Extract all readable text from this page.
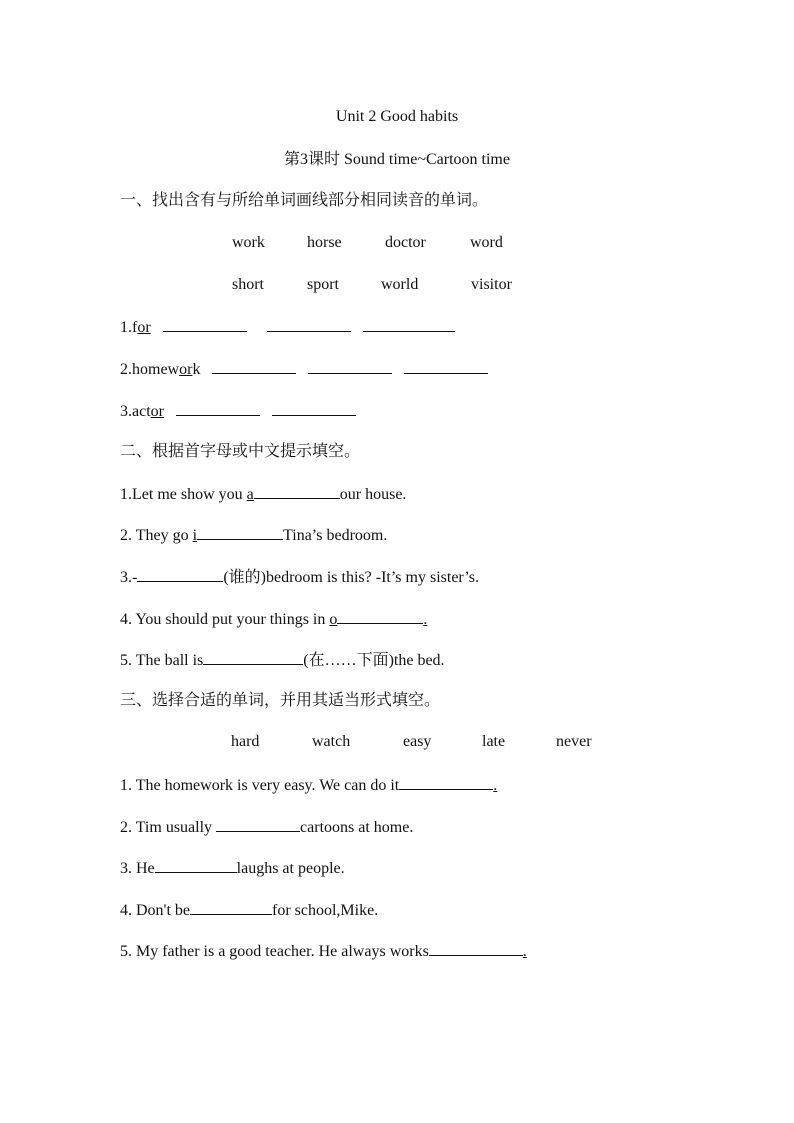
Unit 2 Good habits
第3课时 Sound time~Cartoon time
一、找出含有与所给单词画线部分相同读音的单词。
work	horse	doctor	word
short	sport	world	visitor
1.for
2.homework
3.actor
二、根据首字母或中文提示填空。
1.Let me show you a	our house.
2. They go i	Tina’s bedroom.
3.-	(谁的)bedroom is this? -It’s my sister’s.
4. You should put your things in o	.
5. The ball is	(在……下面)the bed.
三、选择合适的单词，并用其适当形式填空。
hard	watch	easy	late	never
1. The homework is very easy. We can do it	.
2. Tim usually	cartoons at home.
3. He	laughs at people.
4. Don't be	for school,Mike.
5. My father is a good teacher. He always works	.
